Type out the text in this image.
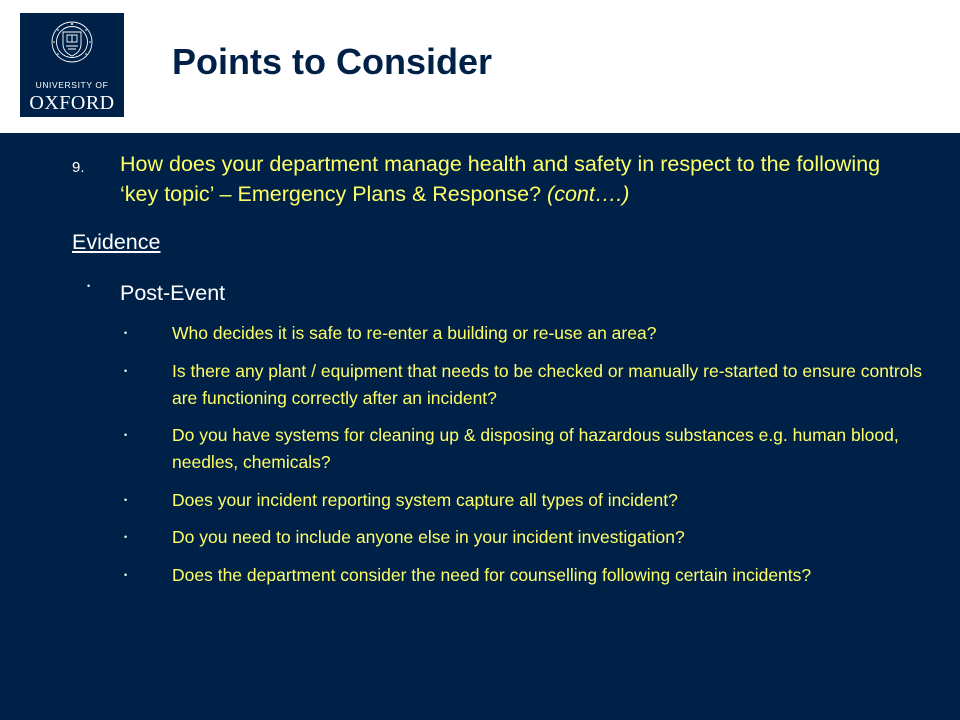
UNIVERSITY OF
OXFORD
Points to Consider
9. How does your department manage health and safety in respect to the following ‘key topic’ – Emergency Plans & Response? (cont….)
Evidence
• Post-Event
•	Who decides it is safe to re-enter a building or re-use an area?
•	Is there any plant / equipment that needs to be checked or manually re-started to ensure controls are functioning correctly after an incident?
•	Do you have systems for cleaning up & disposing of hazardous substances e.g. human blood, needles, chemicals?
•	Does your incident reporting system capture all types of incident?
•	Do you need to include anyone else in your incident investigation?
•	Does the department consider the need for counselling following certain incidents?
